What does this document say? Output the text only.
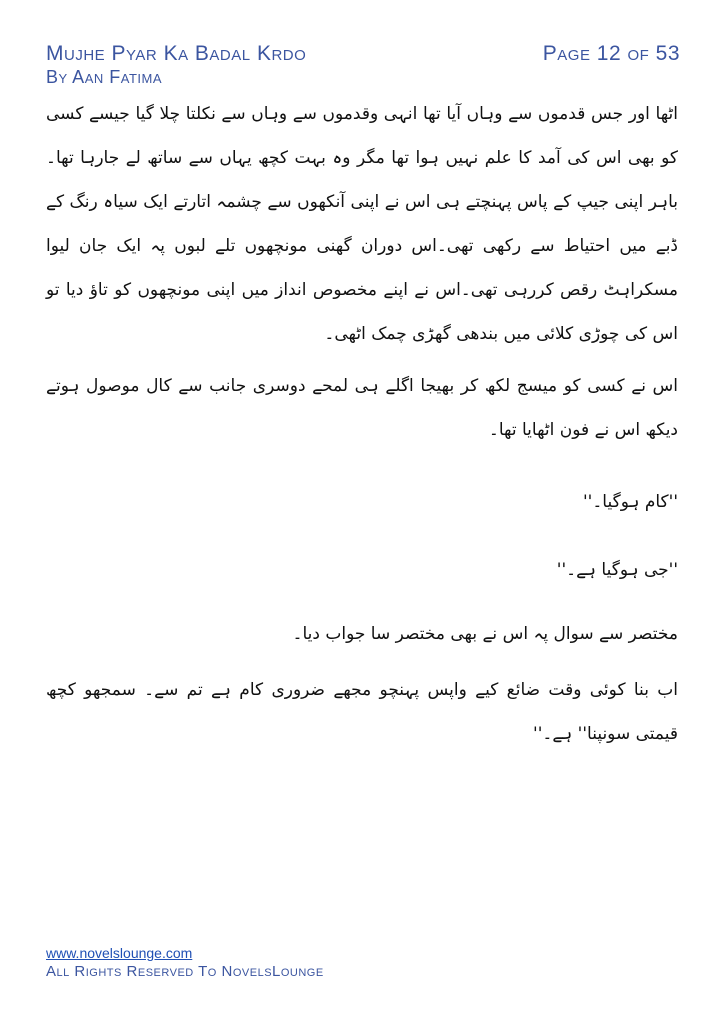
Mujhe Pyar Ka Badal Krdo
By Aan Fatima
Page 12 of 53

اٹھا اور جس قدموں سے وہاں آیا تھا انہی وقدموں سے وہاں سے نکلتا چلا گیا جیسے کسی کو بھی اس کی آمد کا علم نہیں ہوا تھا مگر وہ بہت کچھ یہاں سے ساتھ لے جارہا تھا۔ باہر اپنی جیپ کے پاس پہنچتے ہی اس نے اپنی آنکھوں سے چشمہ اتارتے ایک سیاہ رنگ کے ڈبے میں احتیاط سے رکھی تھی۔اس دوران گھنی مونچھوں تلے لبوں پہ ایک جان لیوا مسکراہٹ رقص کررہی تھی۔اس نے اپنے مخصوص انداز میں اپنی مونچھوں کو تاؤ دیا تو اس کی چوڑی کلائی میں بندھی گھڑی چمک اٹھی۔

اس نے کسی کو میسج لکھ کر بھیجا اگلے ہی لمحے دوسری جانب سے کال موصول ہوتے دیکھ اس نے فون اٹھایا تھا۔

''کام ہوگیا۔''

''جی ہوگیا ہے۔''

مختصر سے سوال پہ اس نے بھی مختصر سا جواب دیا۔

اب بنا کوئی وقت ضائع کیے واپس پہنچو مجھے ضروری کام ہے تم سے۔ سمجھو کچھ قیمتی سونپنا'' ہے۔''

www.novelslounge.com
All Rights Reserved To NovelsLounge
